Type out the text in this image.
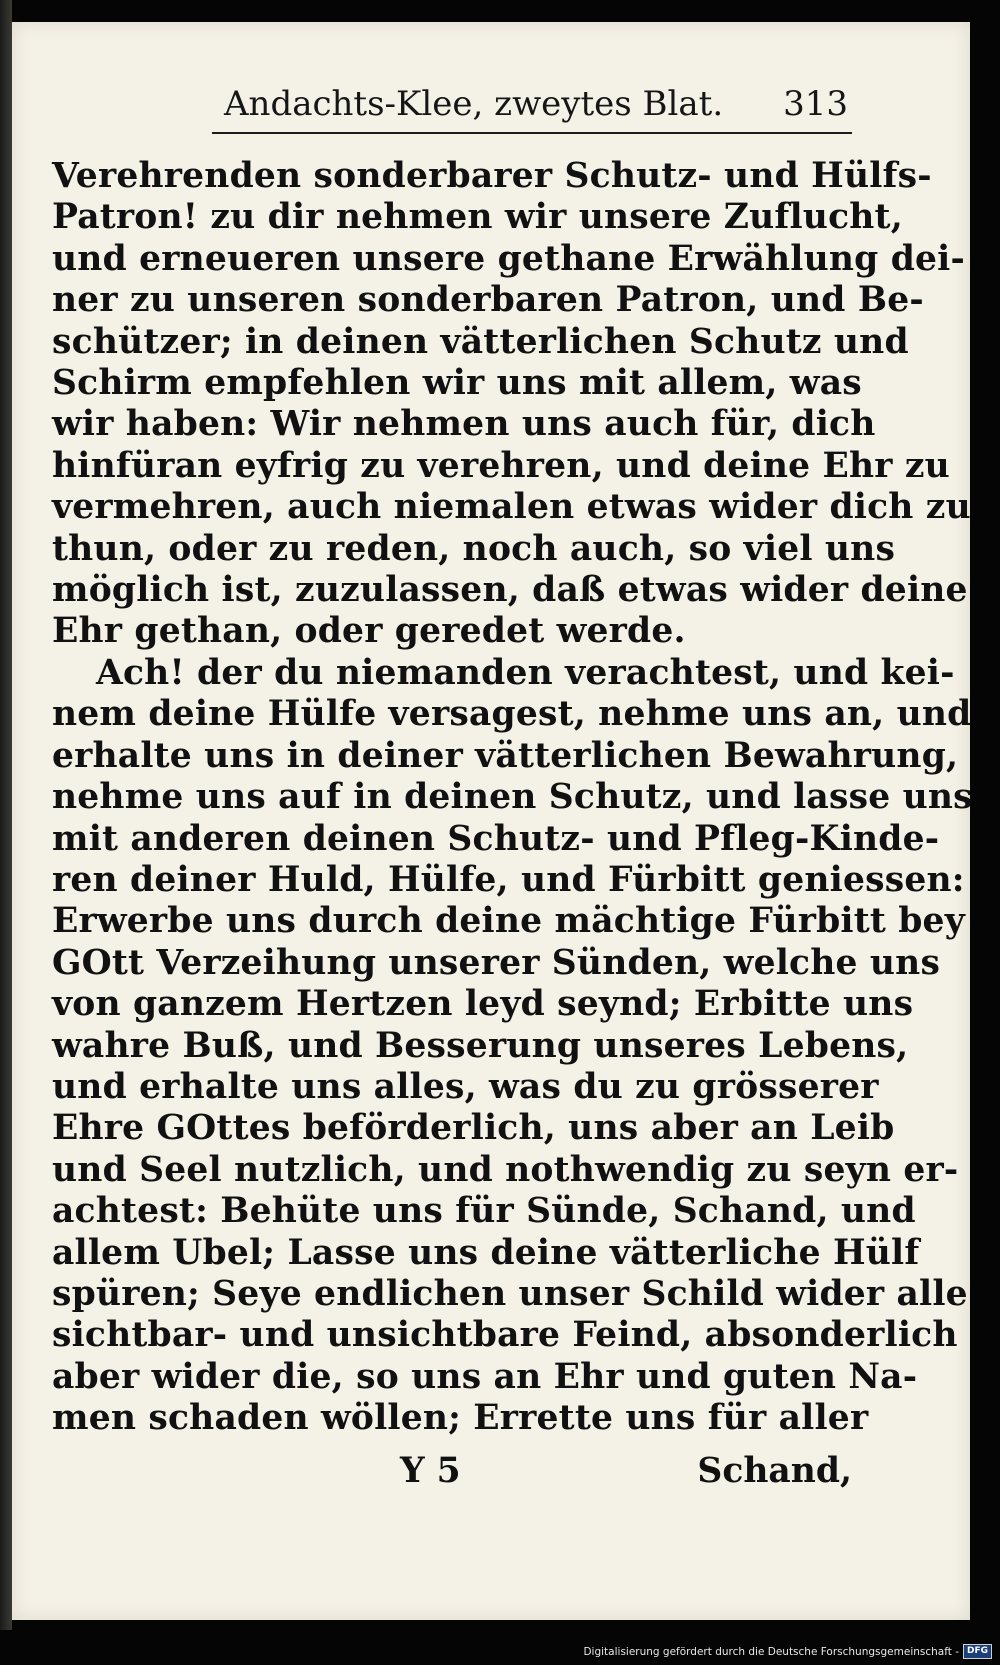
Andachts-Klee, zweytes Blat. 313

Verehrenden sonderbarer Schutz- und Hülfs-
Patron! zu dir nehmen wir unsere Zuflucht,
und erneueren unsere gethane Erwählung dei-
ner zu unseren sonderbaren Patron, und Be-
schützer; in deinen vätterlichen Schutz und
Schirm empfehlen wir uns mit allem, was
wir haben: Wir nehmen uns auch für, dich
hinfüran eyfrig zu verehren, und deine Ehr zu
vermehren, auch niemalen etwas wider dich zu
thun, oder zu reden, noch auch, so viel uns
möglich ist, zuzulassen, daß etwas wider deine
Ehr gethan, oder geredet werde.

Ach! der du niemanden verachtest, und kei-
nem deine Hülfe versagest, nehme uns an, und
erhalte uns in deiner vätterlichen Bewahrung,
nehme uns auf in deinen Schutz, und lasse uns
mit anderen deinen Schutz- und Pfleg-Kinde-
ren deiner Huld, Hülfe, und Fürbitt geniessen:
Erwerbe uns durch deine mächtige Fürbitt bey
GOtt Verzeihung unserer Sünden, welche uns
von ganzem Hertzen leyd seynd; Erbitte uns
wahre Buß, und Besserung unseres Lebens,
und erhalte uns alles, was du zu grösserer
Ehre GOttes beförderlich, uns aber an Leib
und Seel nutzlich, und nothwendig zu seyn er-
achtest: Behüte uns für Sünde, Schand, und
allem Ubel; Lasse uns deine vätterliche Hülf
spüren; Seye endlichen unser Schild wider alle
sichtbar- und unsichtbare Feind, absonderlich
aber wider die, so uns an Ehr und guten Na-
men schaden wöllen; Errette uns für aller

Y 5	Schand,
Digitalisierung gefördert durch die Deutsche Forschungsgemeinschaft - DFG
